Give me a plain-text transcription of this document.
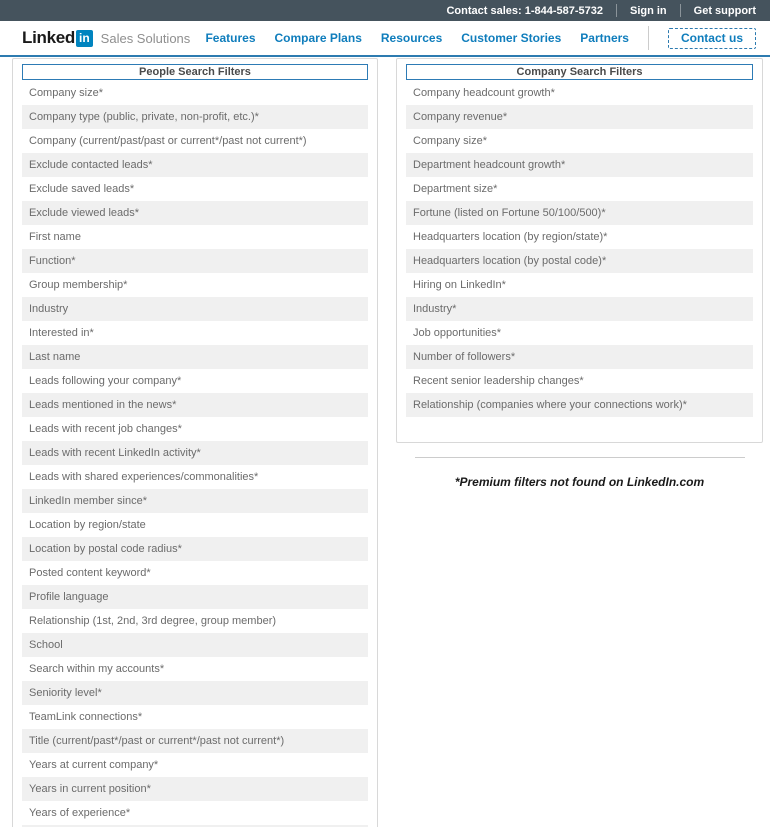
Contact sales: 1-844-587-5732 Sign in Get support
Linked in Sales Solutions Features Compare Plans Resources Customer Stories Partners	Contact us
People Search Filters
Company size*
Company type (public, private, non-profit, etc.)*
Company (current/past/past or current*/past not current*)
Exclude contacted leads*
Exclude saved leads*
Exclude viewed leads*
First name
Function*
Group membership*
Industry
Interested in*
Last name
Leads following your company*
Leads mentioned in the news*
Leads with recent job changes*
Leads with recent LinkedIn activity*
Leads with shared experiences/commonalities*
LinkedIn member since*
Location by region/state
Location by postal code radius*
Posted content keyword*
Profile language
Relationship (1st, 2nd, 3rd degree, group member)
School
Search within my accounts*
Seniority level*
TeamLink connections*
Title (current/past*/past or current*/past not current*)
Years at current company*
Years in current position*
Years of experience*
Company Search Filters
Company headcount growth*
Company revenue*
Company size*
Department headcount growth*
Department size*
Fortune (listed on Fortune 50/100/500)*
Headquarters location (by region/state)*
Headquarters location (by postal code)*
Hiring on LinkedIn*
Industry*
Job opportunities*
Number of followers*
Recent senior leadership changes*
Relationship (companies where your connections work)*
*Premium filters not found on LinkedIn.com
